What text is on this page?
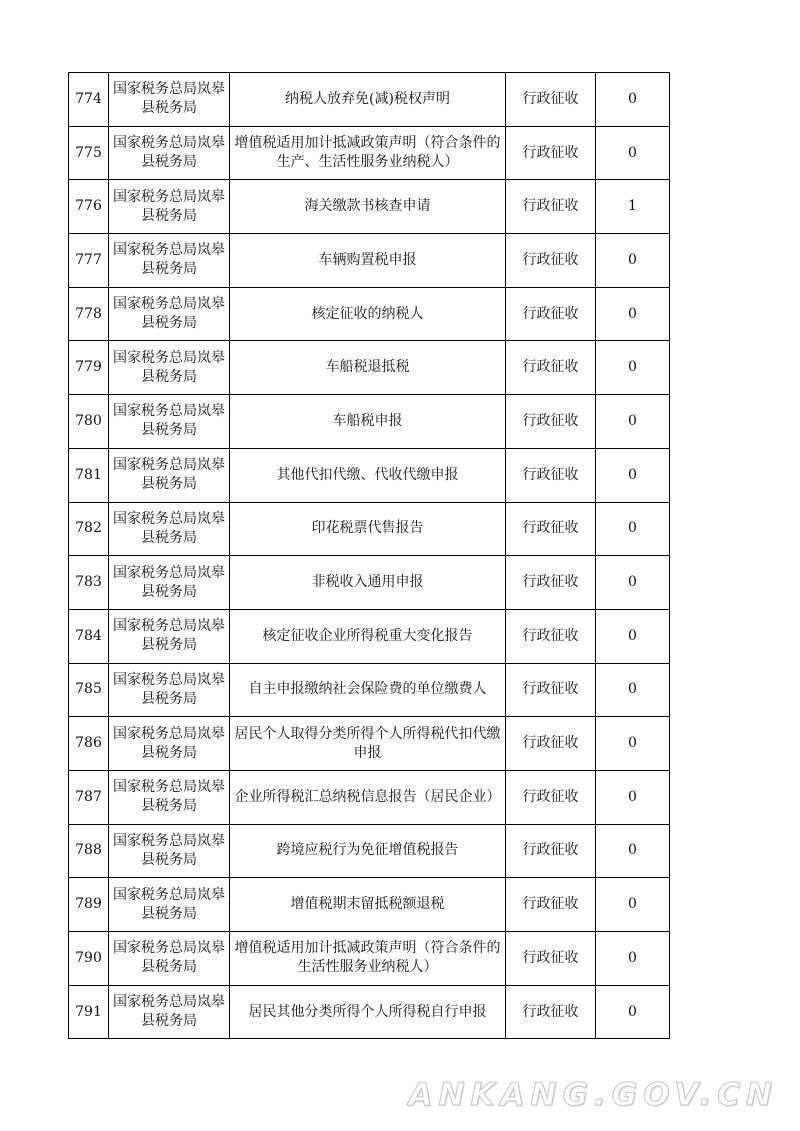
774	国家税务总局岚皋县税务局	纳税人放弃免(减)税权声明	行政征收	0
775	国家税务总局岚皋县税务局	增值税适用加计抵减政策声明（符合条件的生产、生活性服务业纳税人）	行政征收	0
776	国家税务总局岚皋县税务局	海关缴款书核查申请	行政征收	1
777	国家税务总局岚皋县税务局	车辆购置税申报	行政征收	0
778	国家税务总局岚皋县税务局	核定征收的纳税人	行政征收	0
779	国家税务总局岚皋县税务局	车船税退抵税	行政征收	0
780	国家税务总局岚皋县税务局	车船税申报	行政征收	0
781	国家税务总局岚皋县税务局	其他代扣代缴、代收代缴申报	行政征收	0
782	国家税务总局岚皋县税务局	印花税票代售报告	行政征收	0
783	国家税务总局岚皋县税务局	非税收入通用申报	行政征收	0
784	国家税务总局岚皋县税务局	核定征收企业所得税重大变化报告	行政征收	0
785	国家税务总局岚皋县税务局	自主申报缴纳社会保险费的单位缴费人	行政征收	0
786	国家税务总局岚皋县税务局	居民个人取得分类所得个人所得税代扣代缴申报	行政征收	0
787	国家税务总局岚皋县税务局	企业所得税汇总纳税信息报告（居民企业）	行政征收	0
788	国家税务总局岚皋县税务局	跨境应税行为免征增值税报告	行政征收	0
789	国家税务总局岚皋县税务局	增值税期末留抵税额退税	行政征收	0
790	国家税务总局岚皋县税务局	增值税适用加计抵减政策声明（符合条件的生活性服务业纳税人）	行政征收	0
791	国家税务总局岚皋县税务局	居民其他分类所得个人所得税自行申报	行政征收	0
ANKANG.GOV.CN
